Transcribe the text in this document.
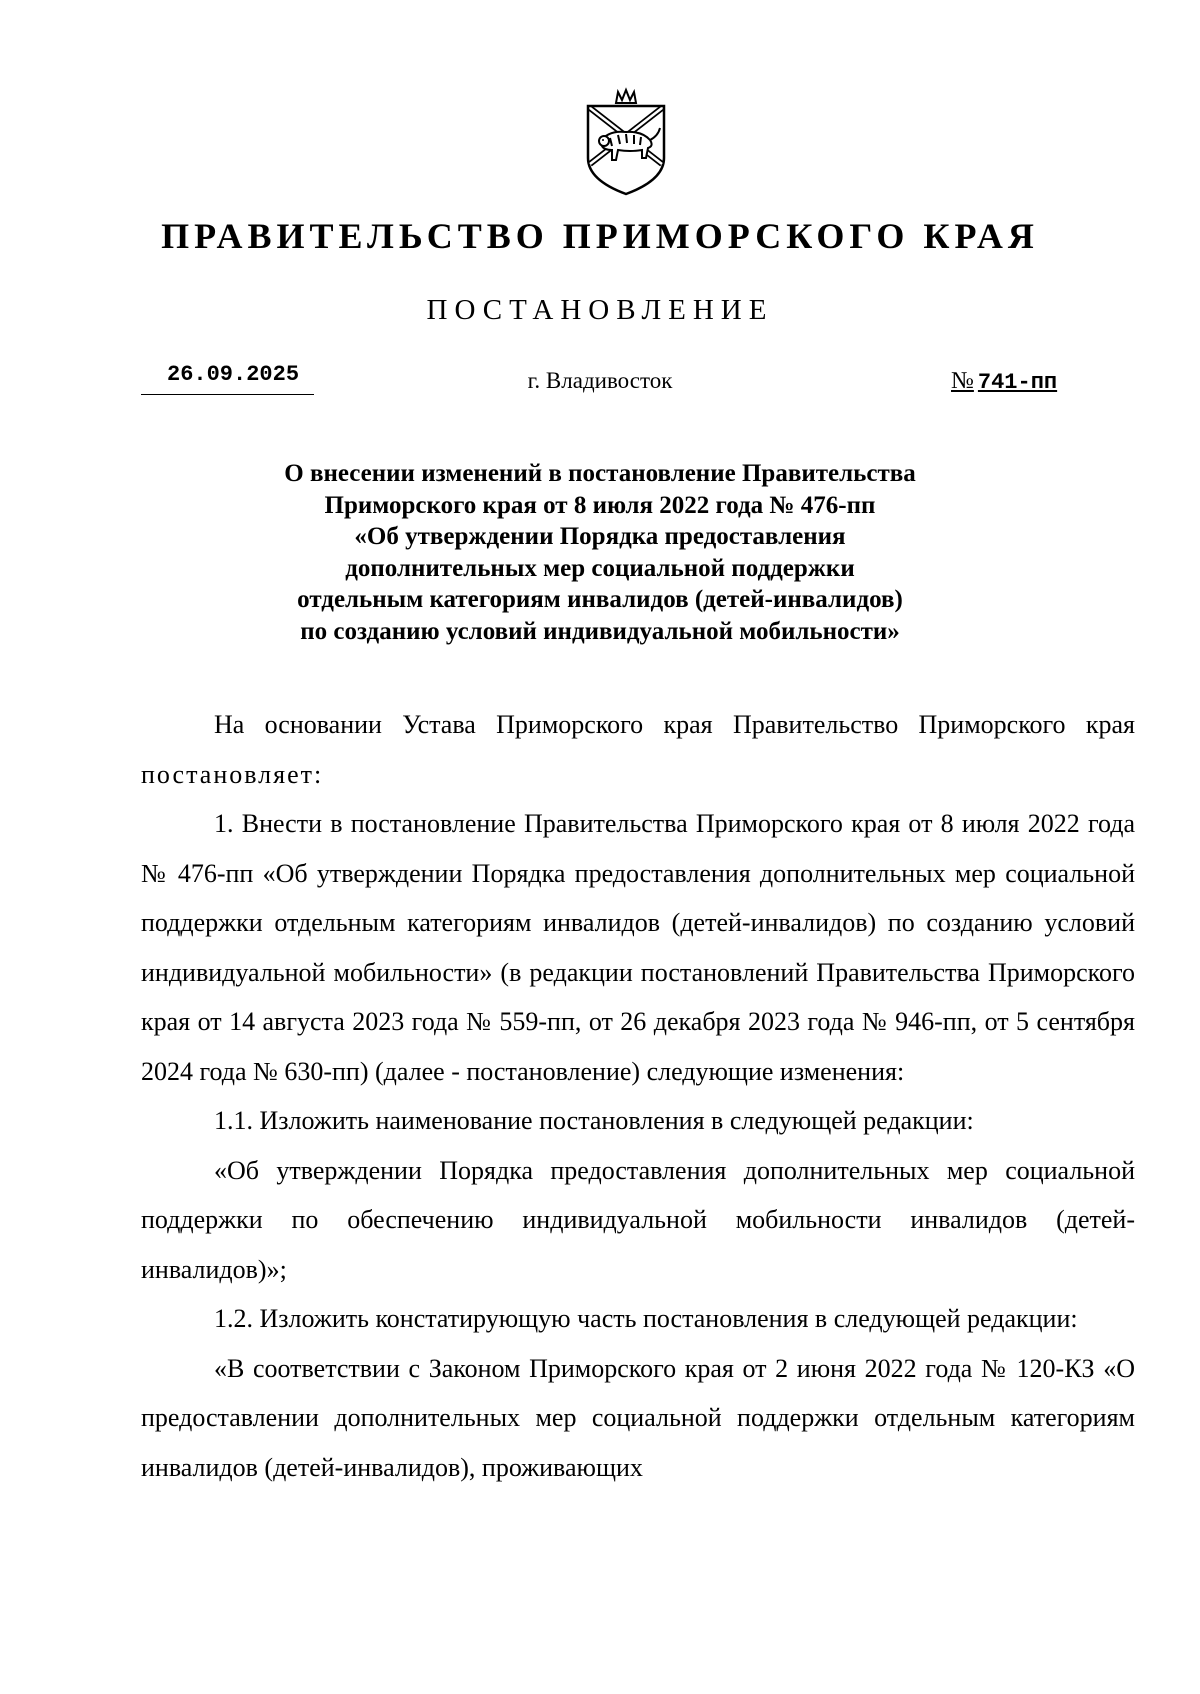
ПРАВИТЕЛЬСТВО ПРИМОРСКОГО КРАЯ
ПОСТАНОВЛЕНИЕ
26.09.2025	г. Владивосток	№ 741-пп
О внесении изменений в постановление Правительства
Приморского края от 8 июля 2022 года № 476-пп
«Об утверждении Порядка предоставления
дополнительных мер социальной поддержки
отдельным категориям инвалидов (детей-инвалидов)
по созданию условий индивидуальной мобильности»

На основании Устава Приморского края Правительство Приморского края постановляет:

1. Внести в постановление Правительства Приморского края от 8 июля 2022 года № 476-пп «Об утверждении Порядка предоставления дополнительных мер социальной поддержки отдельным категориям инвалидов (детей-инвалидов) по созданию условий индивидуальной мобильности» (в редакции постановлений Правительства Приморского края от 14 августа 2023 года № 559-пп, от 26 декабря 2023 года № 946-пп, от 5 сентября 2024 года № 630-пп) (далее - постановление) следующие изменения:

1.1. Изложить наименование постановления в следующей редакции:

«Об утверждении Порядка предоставления дополнительных мер социальной поддержки по обеспечению индивидуальной мобильности инвалидов (детей-инвалидов)»;

1.2. Изложить констатирующую часть постановления в следующей редакции:

«В соответствии с Законом Приморского края от 2 июня 2022 года № 120-КЗ «О предоставлении дополнительных мер социальной поддержки отдельным категориям инвалидов (детей-инвалидов), проживающих
